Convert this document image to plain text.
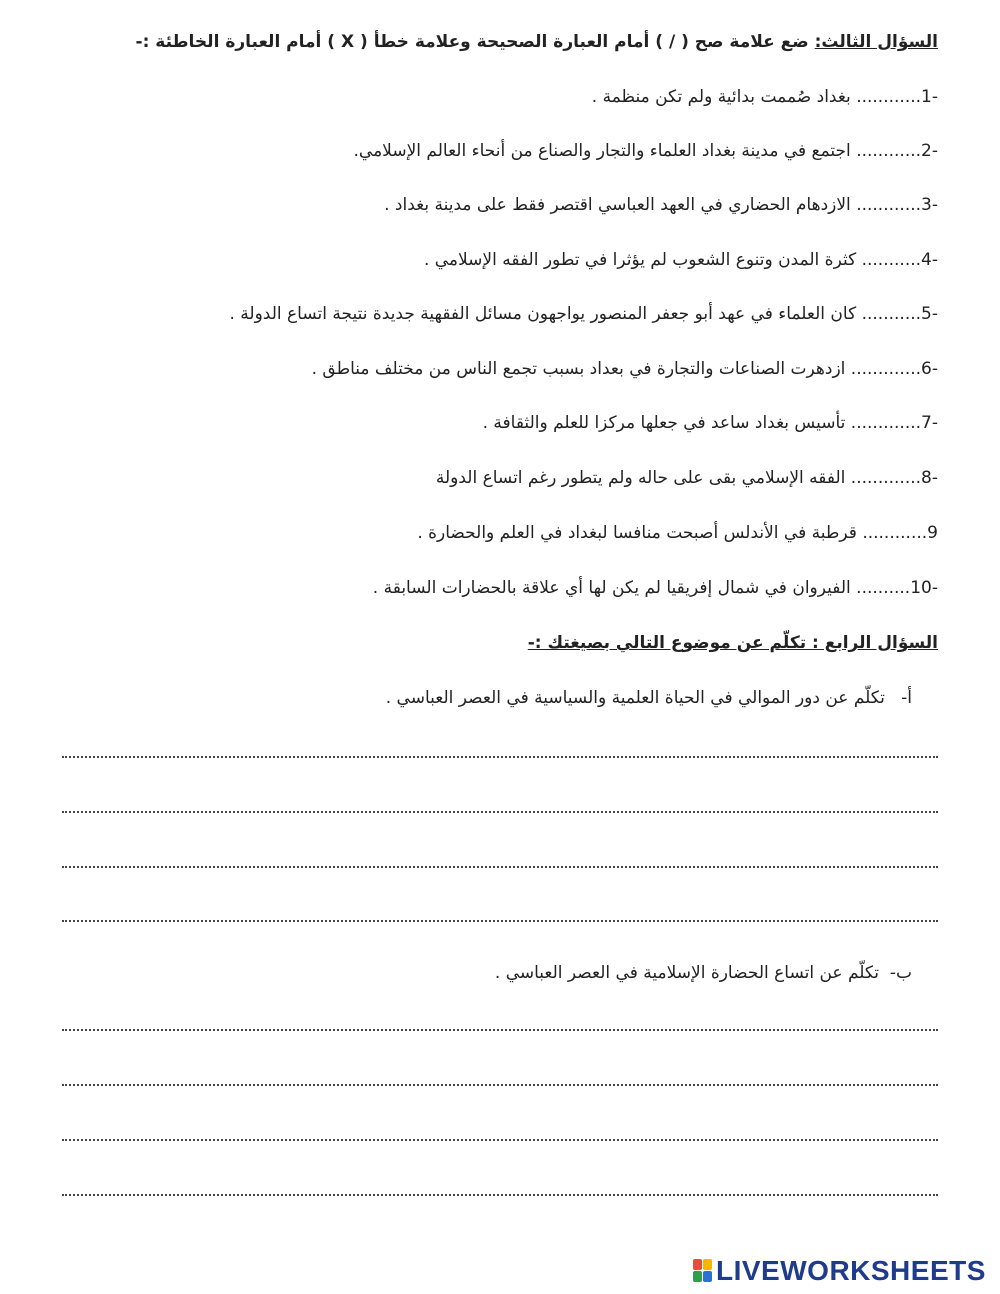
السؤال الثالث: ضع علامة صح ( / ) أمام العبارة الصحيحة وعلامة خطأ ( X ) أمام العبارة الخاطئة :-
1-............ بغداد صُممت بدائية ولم تكن منظمة .
2-............ اجتمع في مدينة بغداد العلماء والتجار والصناع من أنحاء العالم الإسلامي.
3-............ الازدهام الحضاري في العهد العباسي اقتصر فقط على مدينة بغداد .
4-........... كثرة المدن وتنوع الشعوب لم يؤثرا في تطور الفقه الإسلامي .
5-........... كان العلماء في عهد أبو جعفر المنصور يواجهون مسائل الفقهية جديدة نتيجة اتساع الدولة .
6-............. ازدهرت الصناعات والتجارة في بعداد بسبب تجمع الناس من مختلف مناطق .
7-............. تأسيس بغداد ساعد في جعلها مركزا للعلم والثقافة .
8-............. الفقه الإسلامي بقى على حاله ولم يتطور رغم اتساع الدولة
9............ قرطبة في الأندلس أصبحت منافسا لبغداد في العلم والحضارة .
10-.......... الفيروان في شمال إفريقيا لم يكن لها أي علاقة بالحضارات السابقة .
السؤال الرابع : تكلّم عن موضوع التالي بصيغتك :-
أ-   تكلّم عن دور الموالي في الحياة العلمية والسياسية في العصر العباسي .
ب-  تكلّم عن اتساع الحضارة الإسلامية في العصر العباسي .
LIVEWORKSHEETS
